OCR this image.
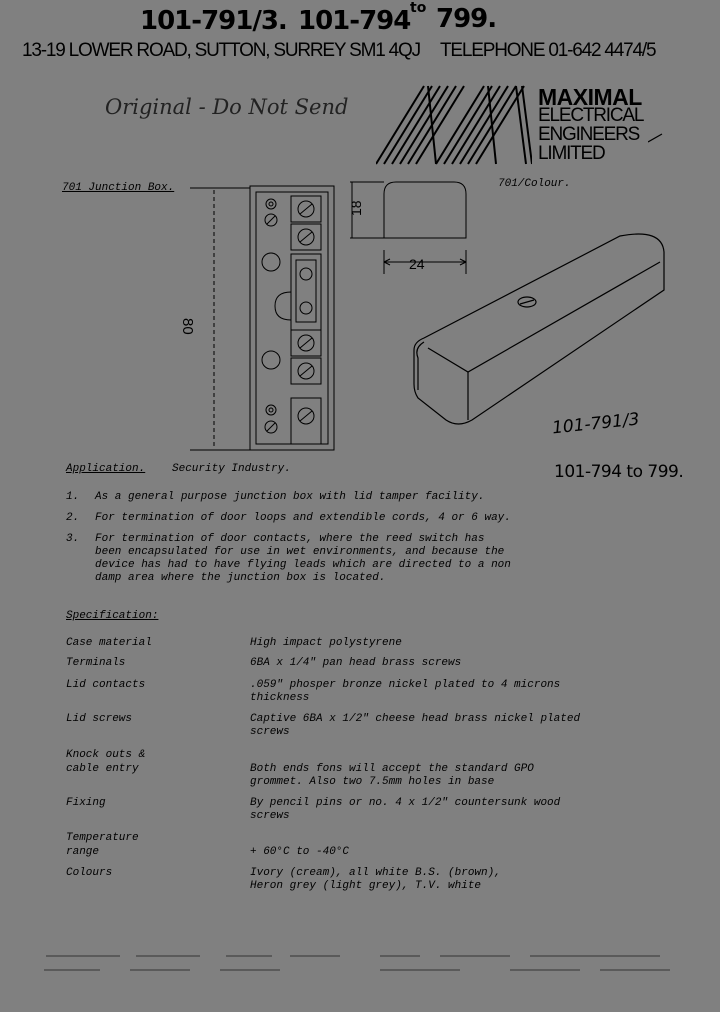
101-791/3. 101-794 to 799.
13-19 LOWER ROAD, SUTTON, SURREY SM1 4QJ TELEPHONE 01-642 4474/5
Original - Do Not Send	MAXIMAL
ELECTRICAL
ENGINEERS
LIMITED
701 Junction Box.	701/Colour.
80
18
24
101-791/3
101-794 to 799.
Application. Security Industry.
1. As a general purpose junction box with lid tamper facility.
2. For termination of door loops and extendible cords, 4 or 6 way.
3. For termination of door contacts, where the reed switch has
been encapsulated for use in wet environments, and because the
device has had to have flying leads which are directed to a non
damp area where the junction box is located.
Specification:
Case material	High impact polystyrene
Terminals	6BA x 1/4" pan head brass screws
Lid contacts	.059" phosper bronze nickel plated to 4 microns
thickness
Lid screws	Captive 6BA x 1/2" cheese head brass nickel plated
screws
Knock outs &
cable entry	Both ends fons will accept the standard GPO
grommet. Also two 7.5mm holes in base
Fixing	By pencil pins or no. 4 x 1/2" countersunk wood
screws
Temperature
range	+ 60°C to -40°C
Colours	Ivory (cream), all white B.S. (brown),
Heron grey (light grey), T.V. white
